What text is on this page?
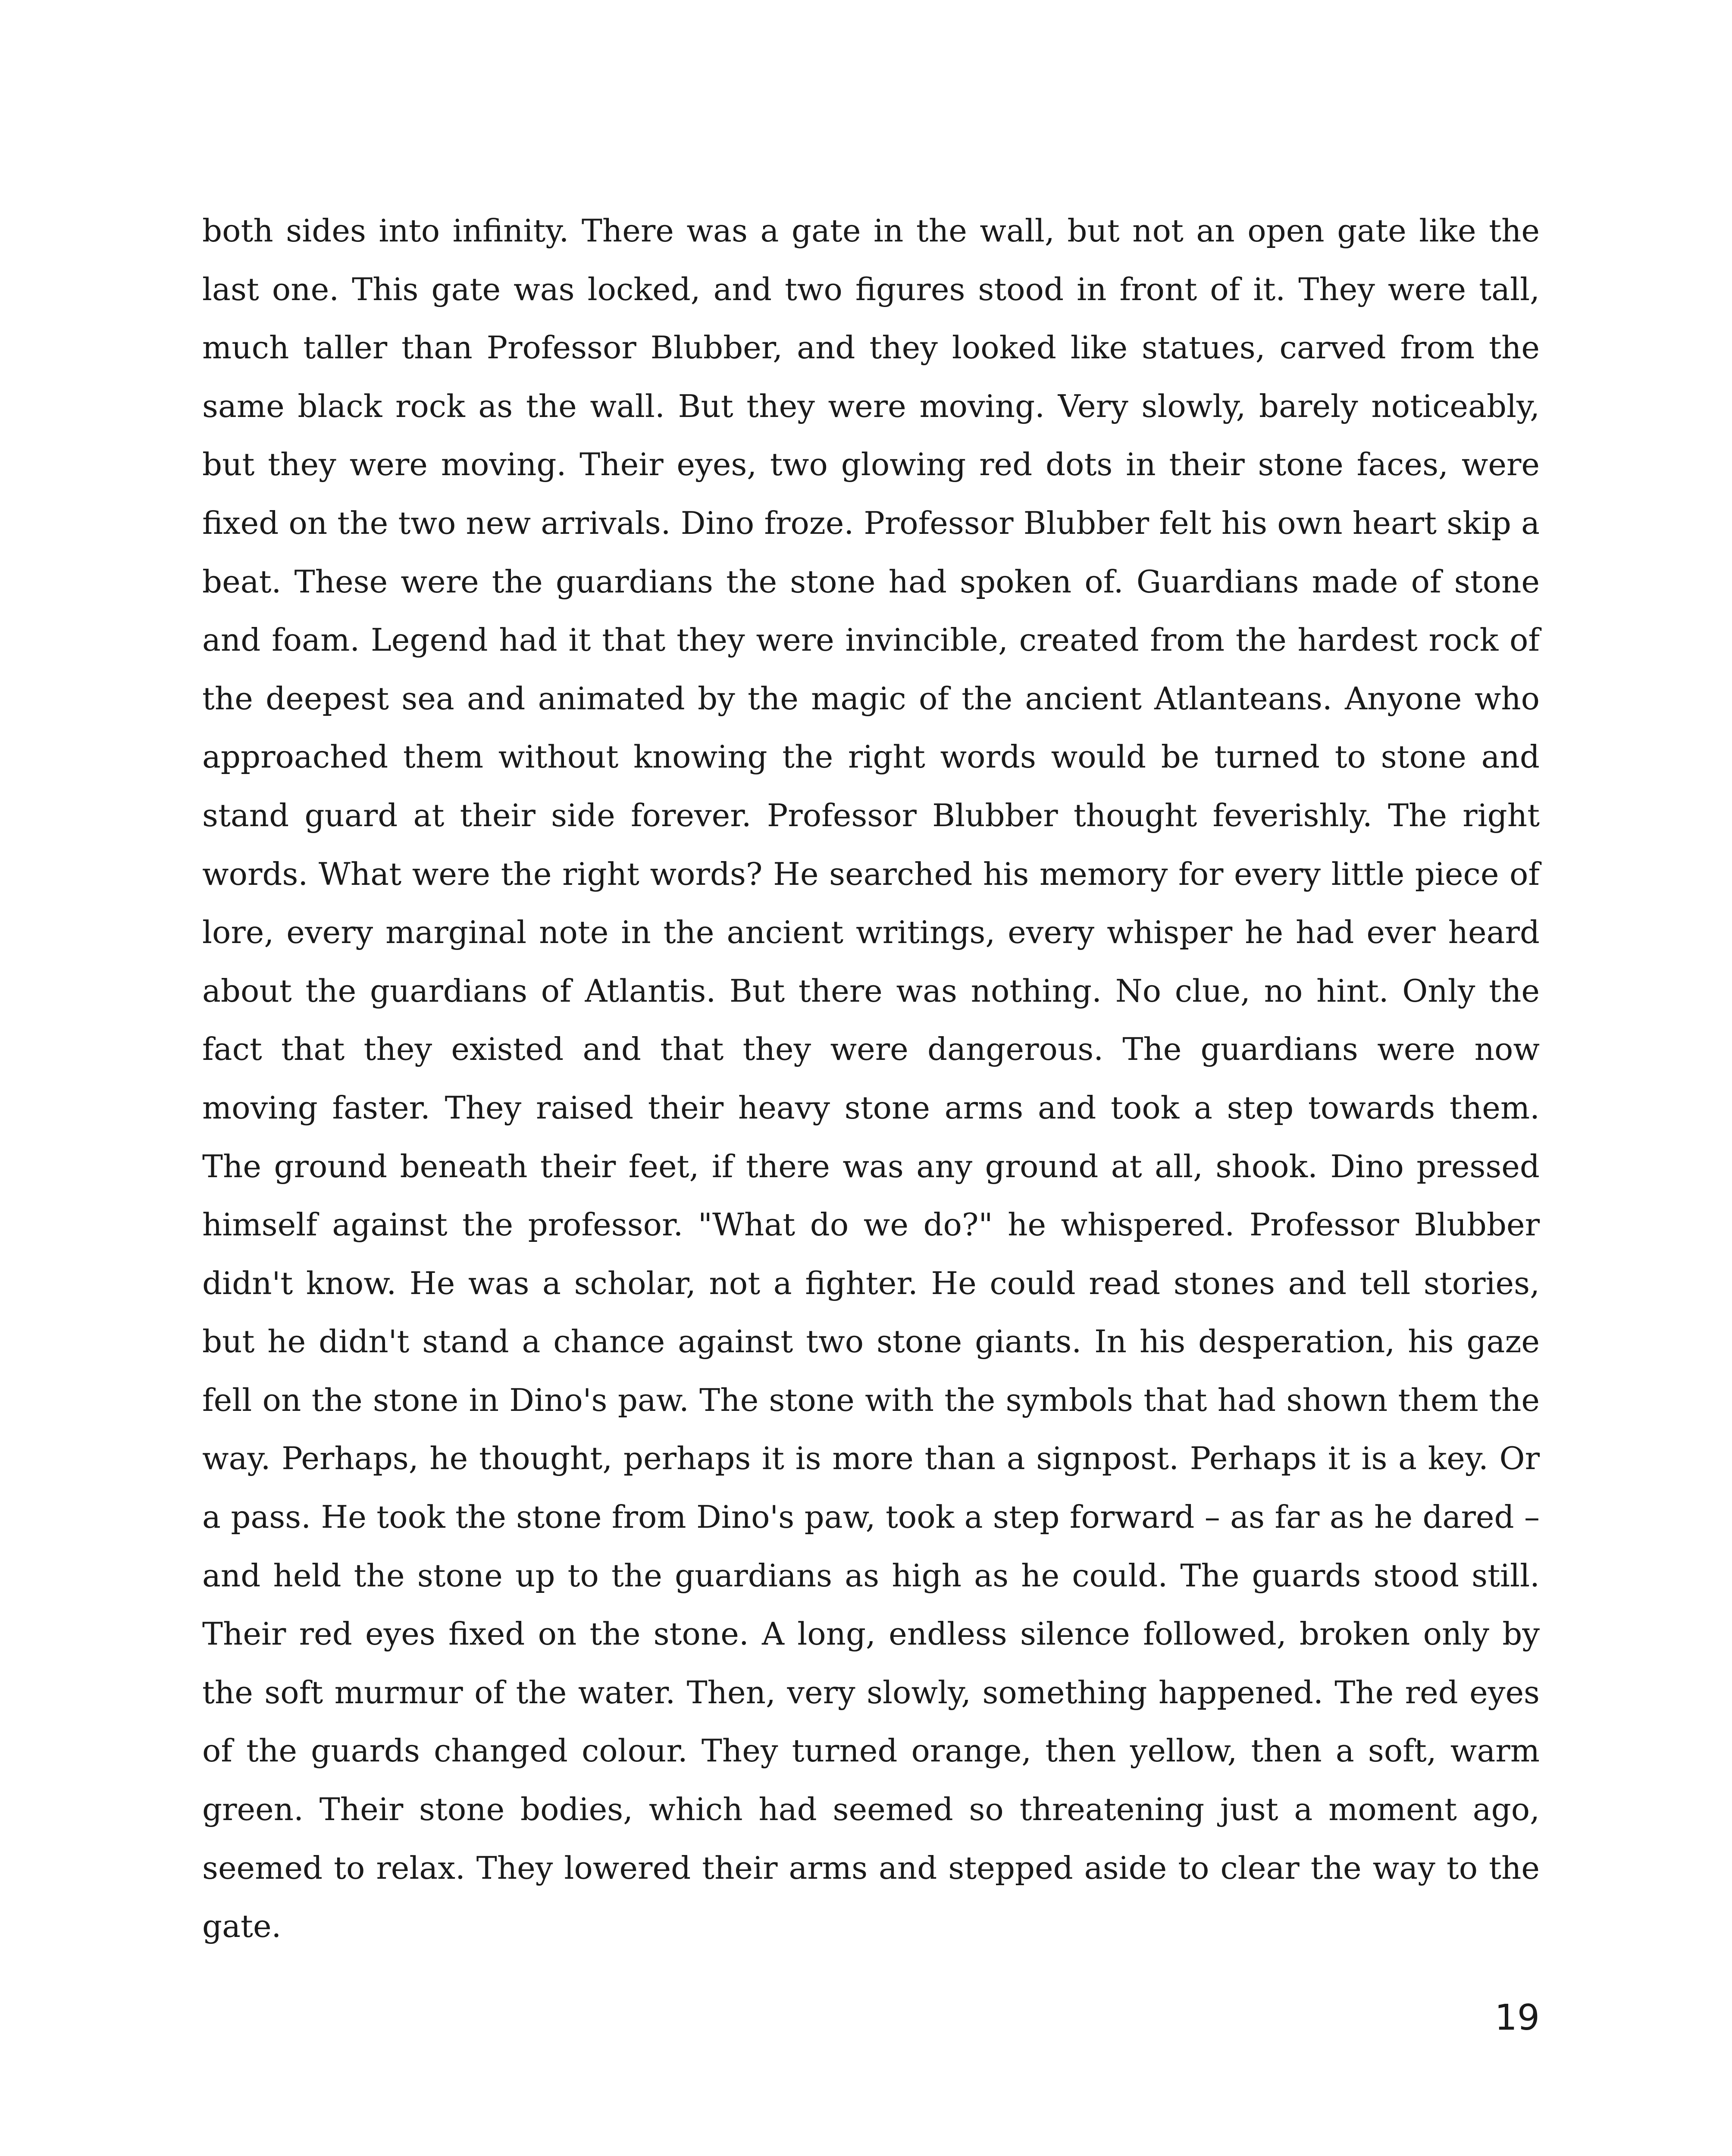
both sides into infinity. There was a gate in the wall, but not an open gate like the last one. This gate was locked, and two figures stood in front of it. They were tall, much taller than Professor Blubber, and they looked like statues, carved from the same black rock as the wall. But they were moving. Very slowly, barely noticeably, but they were moving. Their eyes, two glowing red dots in their stone faces, were fixed on the two new arrivals. Dino froze. Professor Blubber felt his own heart skip a beat. These were the guardians the stone had spoken of. Guardians made of stone and foam. Legend had it that they were invincible, created from the hardest rock of the deepest sea and animated by the magic of the ancient Atlanteans. Anyone who approached them without knowing the right words would be turned to stone and stand guard at their side forever. Professor Blubber thought feverishly. The right words. What were the right words? He searched his memory for every little piece of lore, every marginal note in the ancient writings, every whisper he had ever heard about the guardians of Atlantis. But there was nothing. No clue, no hint. Only the fact that they existed and that they were dangerous. The guardians were now moving faster. They raised their heavy stone arms and took a step towards them. The ground beneath their feet, if there was any ground at all, shook. Dino pressed himself against the professor. "What do we do?" he whispered. Professor Blubber didn't know. He was a scholar, not a fighter. He could read stones and tell stories, but he didn't stand a chance against two stone giants. In his desperation, his gaze fell on the stone in Dino's paw. The stone with the symbols that had shown them the way. Perhaps, he thought, perhaps it is more than a signpost. Perhaps it is a key. Or a pass. He took the stone from Dino's paw, took a step forward – as far as he dared – and held the stone up to the guardians as high as he could. The guards stood still. Their red eyes fixed on the stone. A long, endless silence followed, broken only by the soft murmur of the water. Then, very slowly, something happened. The red eyes of the guards changed colour. They turned orange, then yellow, then a soft, warm green. Their stone bodies, which had seemed so threatening just a moment ago, seemed to relax. They lowered their arms and stepped aside to clear the way to the gate.

19
